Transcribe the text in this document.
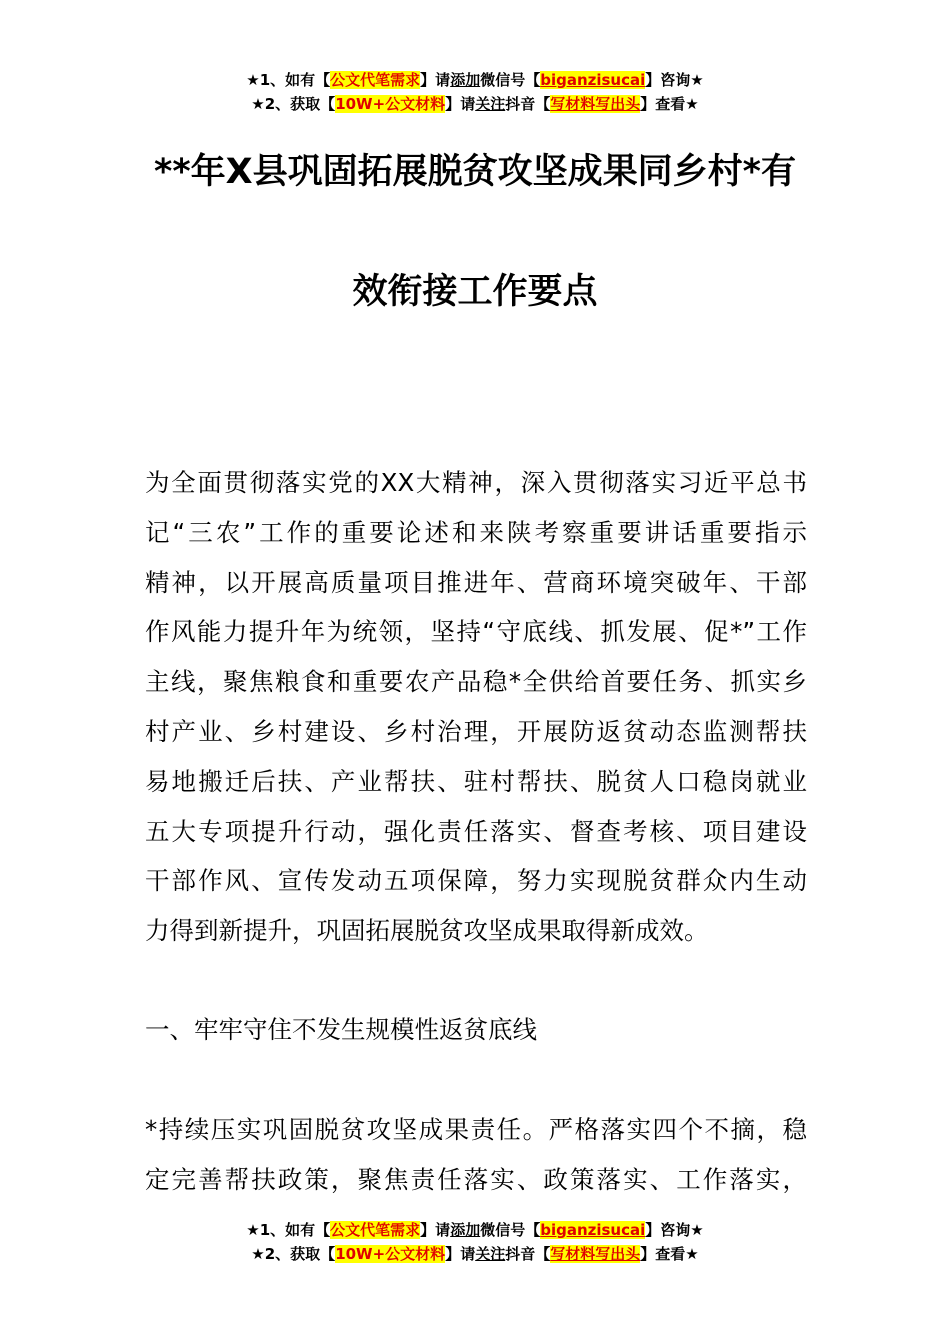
★1、如有【公文代笔需求】请添加微信号【biganzisucai】咨询★
★2、获取【10W+公文材料】请关注抖音【写材料写出头】查看★
**年X县巩固拓展脱贫攻坚成果同乡村*有
效衔接工作要点
为全面贯彻落实党的XX大精神，深入贯彻落实习近平总书
记“三农”工作的重要论述和来陕考察重要讲话重要指示
精神，以开展高质量项目推进年、营商环境突破年、干部
作风能力提升年为统领，坚持“守底线、抓发展、促*”工作
主线，聚焦粮食和重要农产品稳*全供给首要任务、抓实乡
村产业、乡村建设、乡村治理，开展防返贫动态监测帮扶
易地搬迁后扶、产业帮扶、驻村帮扶、脱贫人口稳岗就业
五大专项提升行动，强化责任落实、督查考核、项目建设
干部作风、宣传发动五项保障，努力实现脱贫群众内生动
力得到新提升，巩固拓展脱贫攻坚成果取得新成效。
一、牢牢守住不发生规模性返贫底线
*持续压实巩固脱贫攻坚成果责任。严格落实四个不摘，稳
定完善帮扶政策，聚焦责任落实、政策落实、工作落实，
★1、如有【公文代笔需求】请添加微信号【biganzisucai】咨询★
★2、获取【10W+公文材料】请关注抖音【写材料写出头】查看★
